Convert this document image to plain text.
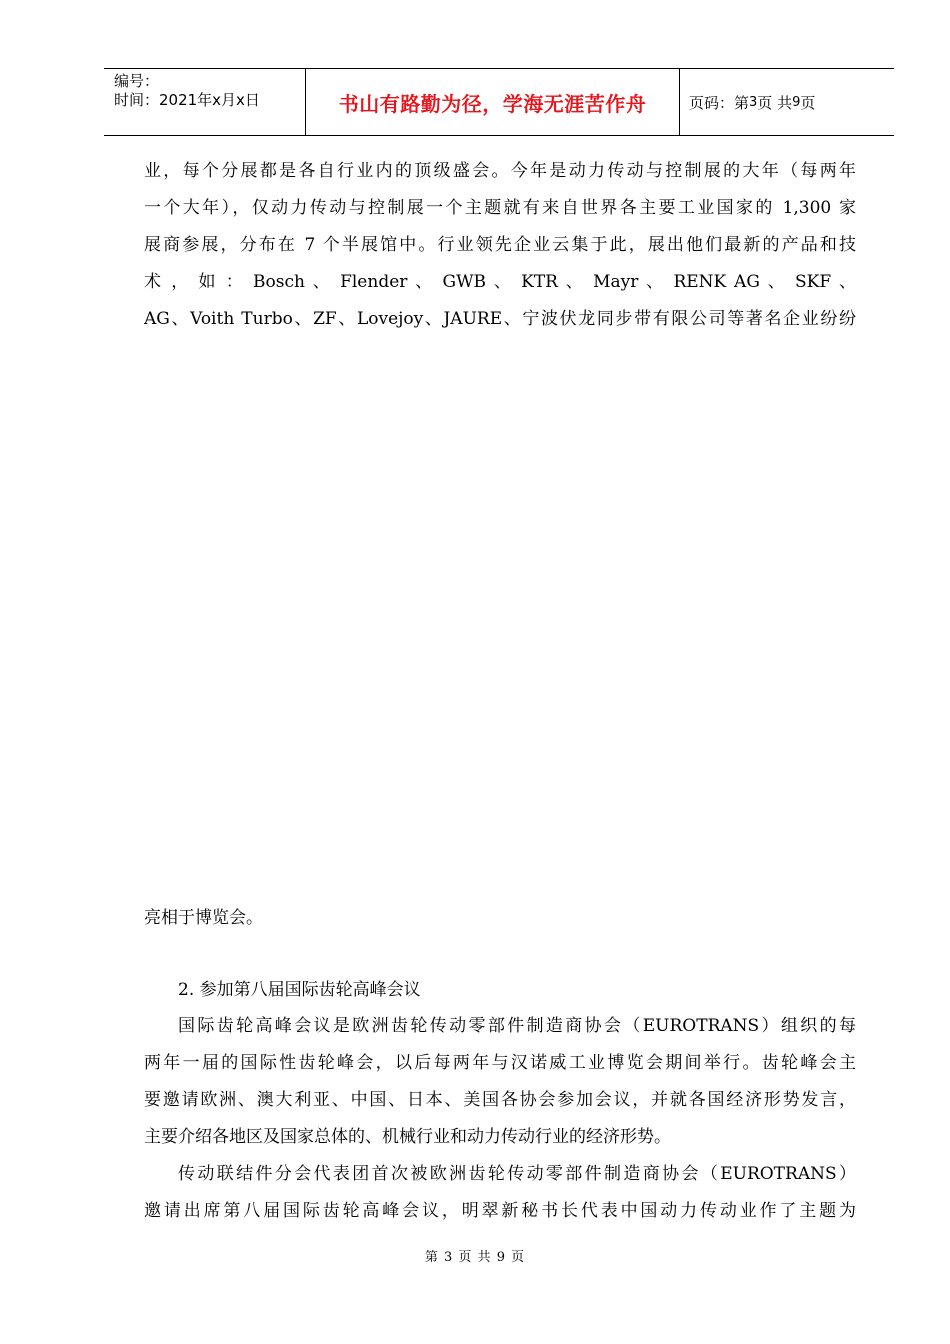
编号：
时间：2021年x月x日	书山有路勤为径，学海无涯苦作舟	页码：第 3 页 共 9 页
业，每个分展都是各自行业内的顶级盛会。今年是动力传动与控制展的大年（每两年
一个大年），仅动力传动与控制展一个主题就有来自世界各主要工业国家的 1,300 家
展商参展，分布在 7 个半展馆中。行业领先企业云集于此，展出他们最新的产品和技
术 ， 如 ： Bosch 、 Flender 、 GWB 、 KTR 、 Mayr 、 RENK AG 、 SKF 、
AG、Voith Turbo、ZF、Lovejoy、JAURE、宁波伏龙同步带有限公司等著名企业纷纷
亮相于博览会。
2. 参加第八届国际齿轮高峰会议
国际齿轮高峰会议是欧洲齿轮传动零部件制造商协会（EUROTRANS）组织的每
两年一届的国际性齿轮峰会，以后每两年与汉诺威工业博览会期间举行。齿轮峰会主
要邀请欧洲、澳大利亚、中国、日本、美国各协会参加会议，并就各国经济形势发言，
主要介绍各地区及国家总体的、机械行业和动力传动行业的经济形势。
传动联结件分会代表团首次被欧洲齿轮传动零部件制造商协会（EUROTRANS）
邀请出席第八届国际齿轮高峰会议，明翠新秘书长代表中国动力传动业作了主题为
第 3 页 共 9 页
